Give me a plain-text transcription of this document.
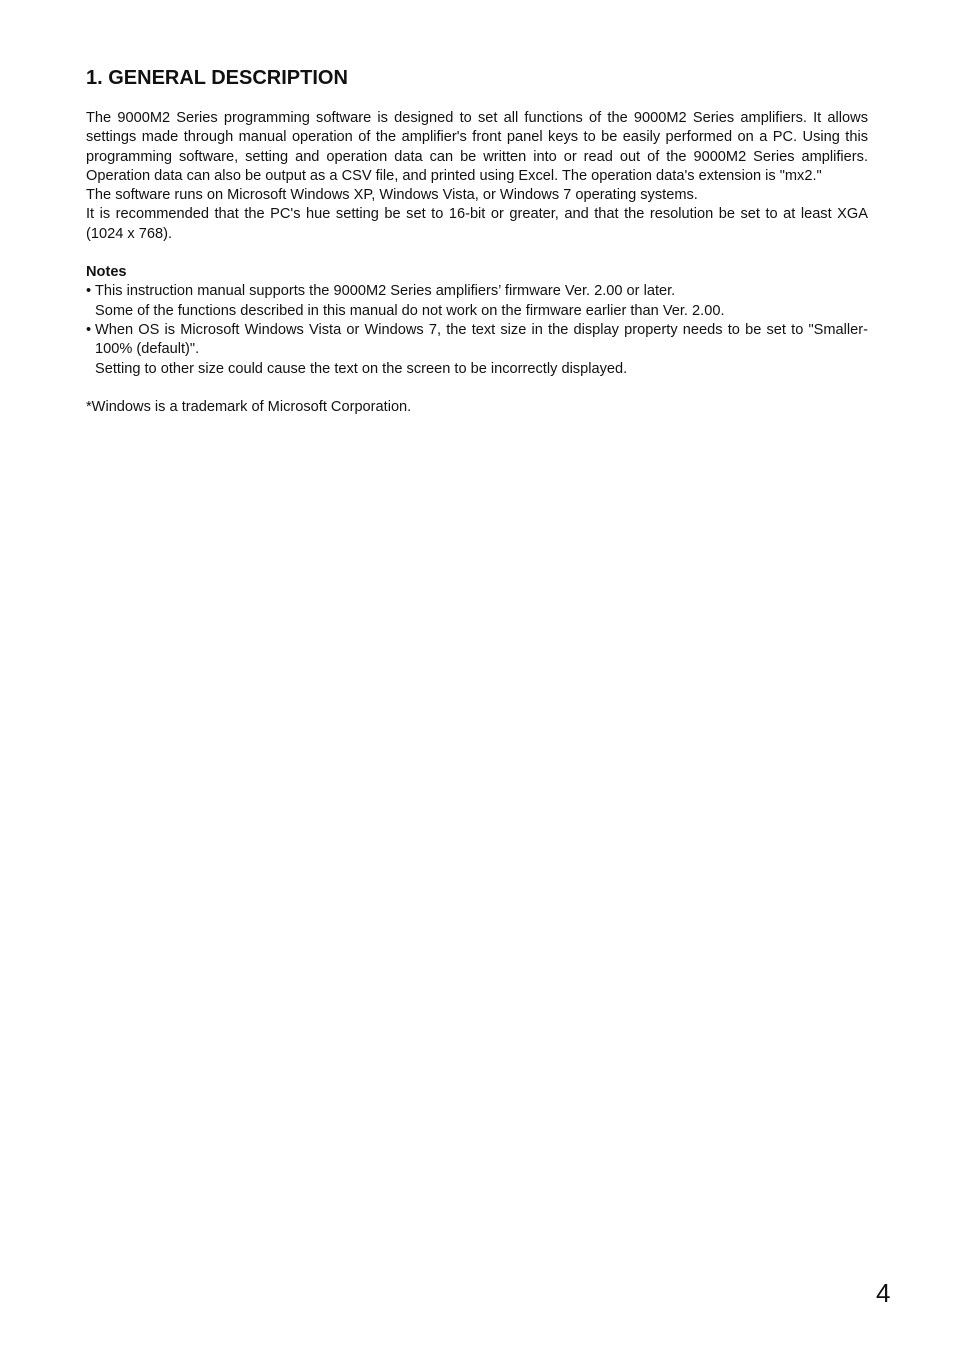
1. GENERAL DESCRIPTION

The 9000M2 Series programming software is designed to set all functions of the 9000M2 Series amplifiers. It allows settings made through manual operation of the amplifier's front panel keys to be easily performed on a PC. Using this programming software, setting and operation data can be written into or read out of the 9000M2 Series amplifiers. Operation data can also be output as a CSV file, and printed using Excel. The operation data's extension is "mx2."

The software runs on Microsoft Windows XP, Windows Vista, or Windows 7 operating systems.

It is recommended that the PC's hue setting be set to 16-bit or greater, and that the resolution be set to at least XGA (1024 x 768).

Notes

• This instruction manual supports the 9000M2 Series amplifiers’ firmware Ver. 2.00 or later.
Some of the functions described in this manual do not work on the firmware earlier than Ver. 2.00.
• When OS is Microsoft Windows Vista or Windows 7, the text size in the display property needs to be set to "Smaller-100% (default)".
Setting to other size could cause the text on the screen to be incorrectly displayed.

*Windows is a trademark of Microsoft Corporation.

4
